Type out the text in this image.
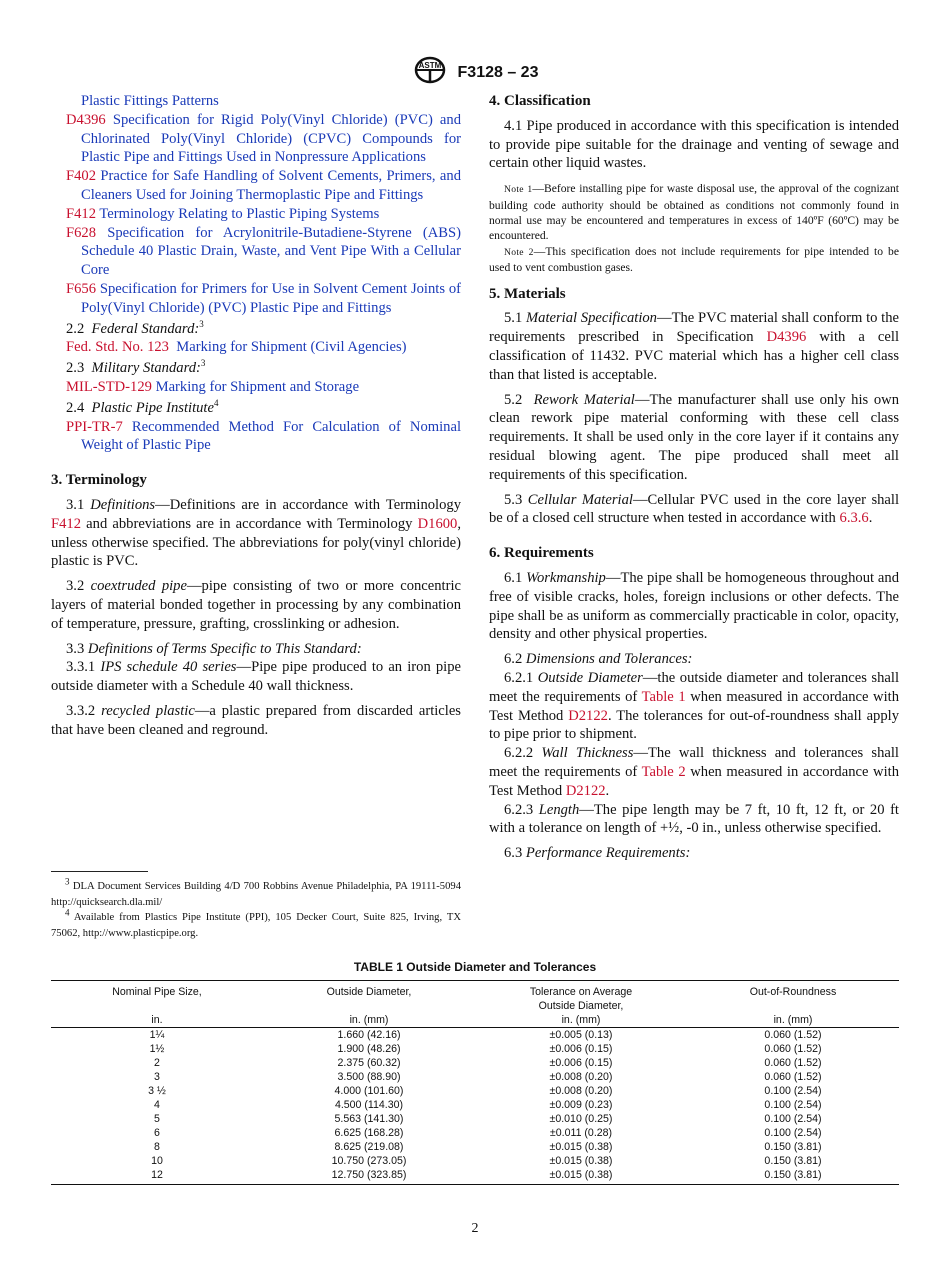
ASTM F3128 – 23

Plastic Fittings Patterns

D4396 Specification for Rigid Poly(Vinyl Chloride) (PVC) and Chlorinated Poly(Vinyl Chloride) (CPVC) Compounds for Plastic Pipe and Fittings Used in Nonpressure Applications

F402 Practice for Safe Handling of Solvent Cements, Primers, and Cleaners Used for Joining Thermoplastic Pipe and Fittings

F412 Terminology Relating to Plastic Piping Systems

F628 Specification for Acrylonitrile-Butadiene-Styrene (ABS) Schedule 40 Plastic Drain, Waste, and Vent Pipe With a Cellular Core

F656 Specification for Primers for Use in Solvent Cement Joints of Poly(Vinyl Chloride) (PVC) Plastic Pipe and Fittings

2.2 Federal Standard:$^3$

Fed. Std. No. 123 Marking for Shipment (Civil Agencies)

2.3 Military Standard:$^3$

MIL-STD-129 Marking for Shipment and Storage

2.4 Plastic Pipe Institute$^4$

PPI-TR-7 Recommended Method For Calculation of Nominal Weight of Plastic Pipe

3. Terminology

3.1 Definitions—Definitions are in accordance with Terminology F412 and abbreviations are in accordance with Terminology D1600, unless otherwise specified. The abbreviations for poly(vinyl chloride) plastic is PVC.

3.2 coextruded pipe—pipe consisting of two or more concentric layers of material bonded together in processing by any combination of temperature, pressure, grafting, crosslinking or adhesion.

3.3 Definitions of Terms Specific to This Standard:

3.3.1 IPS schedule 40 series—Pipe pipe produced to an iron pipe outside diameter with a Schedule 40 wall thickness.

3.3.2 recycled plastic—a plastic prepared from discarded articles that have been cleaned and reground.

$^3$ DLA Document Services Building 4/D 700 Robbins Avenue Philadelphia, PA 19111-5094 http://quicksearch.dla.mil/

$^4$ Available from Plastics Pipe Institute (PPI), 105 Decker Court, Suite 825, Irving, TX 75062, http://www.plasticpipe.org.

4. Classification

4.1 Pipe produced in accordance with this specification is intended to provide pipe suitable for the drainage and venting of sewage and certain other liquid wastes.

Note 1—Before installing pipe for waste disposal use, the approval of the cognizant building code authority should be obtained as conditions not commonly found in normal use may be encountered and temperatures in excess of 140ºF (60ºC) may be encountered.

Note 2—This specification does not include requirements for pipe intended to be used to vent combustion gases.

5. Materials

5.1 Material Specification—The PVC material shall conform to the requirements prescribed in Specification D4396 with a cell classification of 11432. PVC material which has a higher cell class than that listed is acceptable.

5.2 Rework Material—The manufacturer shall use only his own clean rework pipe material conforming with these cell class requirements. It shall be used only in the core layer if it contains any residual blowing agent. The pipe produced shall meet all requirements of this specification.

5.3 Cellular Material—Cellular PVC used in the core layer shall be of a closed cell structure when tested in accordance with 6.3.6.

6. Requirements

6.1 Workmanship—The pipe shall be homogeneous throughout and free of visible cracks, holes, foreign inclusions or other defects. The pipe shall be as uniform as commercially practicable in color, opacity, density and other physical properties.

6.2 Dimensions and Tolerances:

6.2.1 Outside Diameter—the outside diameter and tolerances shall meet the requirements of Table 1 when measured in accordance with Test Method D2122. The tolerances for out-of-roundness shall apply to pipe prior to shipment.

6.2.2 Wall Thickness—The wall thickness and tolerances shall meet the requirements of Table 2 when measured in accordance with Test Method D2122.

6.2.3 Length—The pipe length may be 7 ft, 10 ft, 12 ft, or 20 ft with a tolerance on length of +½, -0 in., unless otherwise specified.

6.3 Performance Requirements:

TABLE 1 Outside Diameter and Tolerances
Nominal Pipe Size,	Outside Diameter,	Tolerance on Average Outside Diameter,	Out-of-Roundness
in.	in. (mm)	in. (mm)	in. (mm)
1¼	1.660 (42.16)	±0.005 (0.13)	0.060 (1.52)
1½	1.900 (48.26)	±0.006 (0.15)	0.060 (1.52)
2	2.375 (60.32)	±0.006 (0.15)	0.060 (1.52)
3	3.500 (88.90)	±0.008 (0.20)	0.060 (1.52)
3 ½	4.000 (101.60)	±0.008 (0.20)	0.100 (2.54)
4	4.500 (114.30)	±0.009 (0.23)	0.100 (2.54)
5	5.563 (141.30)	±0.010 (0.25)	0.100 (2.54)
6	6.625 (168.28)	±0.011 (0.28)	0.100 (2.54)
8	8.625 (219.08)	±0.015 (0.38)	0.150 (3.81)
10	10.750 (273.05)	±0.015 (0.38)	0.150 (3.81)
12	12.750 (323.85)	±0.015 (0.38)	0.150 (3.81)
2
